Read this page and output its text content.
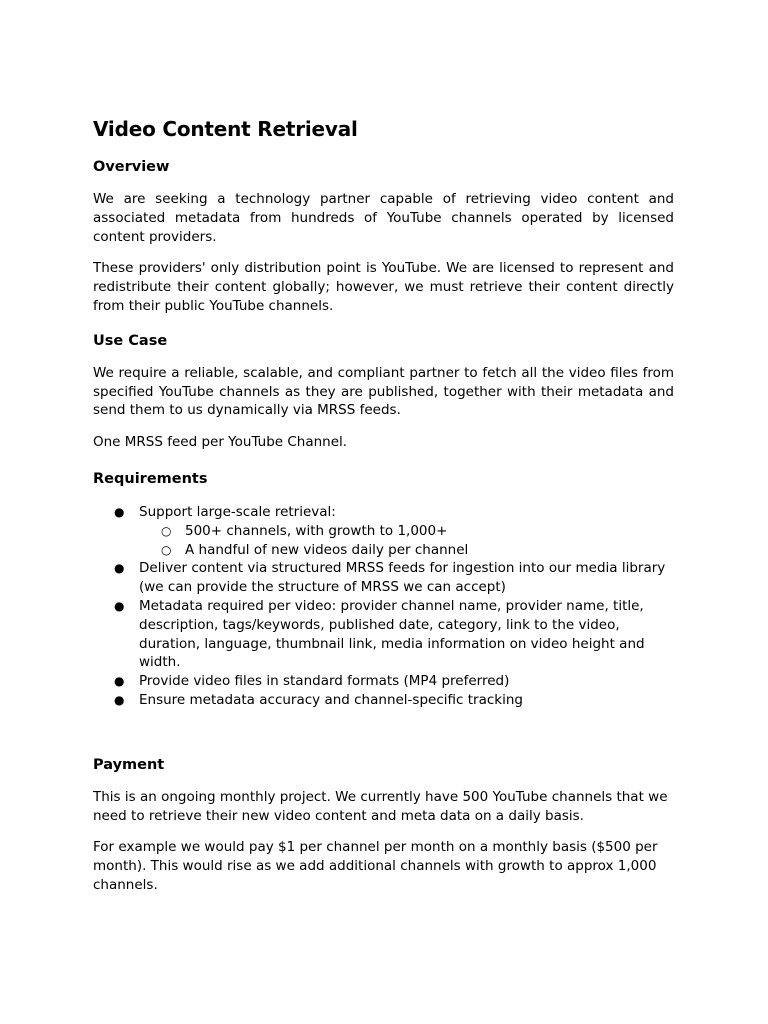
Video Content Retrieval
Overview

We are seeking a technology partner capable of retrieving video content and associated metadata from hundreds of YouTube channels operated by licensed content providers.

These providers' only distribution point is YouTube. We are licensed to represent and redistribute their content globally; however, we must retrieve their content directly from their public YouTube channels.

Use Case

We require a reliable, scalable, and compliant partner to fetch all the video files from specified YouTube channels as they are published, together with their metadata and send them to us dynamically via MRSS feeds.

One MRSS feed per YouTube Channel.

Requirements
● Support large-scale retrieval:
○ 500+ channels, with growth to 1,000+
○ A handful of new videos daily per channel
● Deliver content via structured MRSS feeds for ingestion into our media library (we can provide the structure of MRSS we can accept)
● Metadata required per video: provider channel name, provider name, title, description, tags/keywords, published date, category, link to the video, duration, language, thumbnail link, media information on video height and width.
● Provide video files in standard formats (MP4 preferred)
● Ensure metadata accuracy and channel-specific tracking
Payment

This is an ongoing monthly project. We currently have 500 YouTube channels that we need to retrieve their new video content and meta data on a daily basis.

For example we would pay $1 per channel per month on a monthly basis ($500 per month). This would rise as we add additional channels with growth to approx 1,000 channels.
